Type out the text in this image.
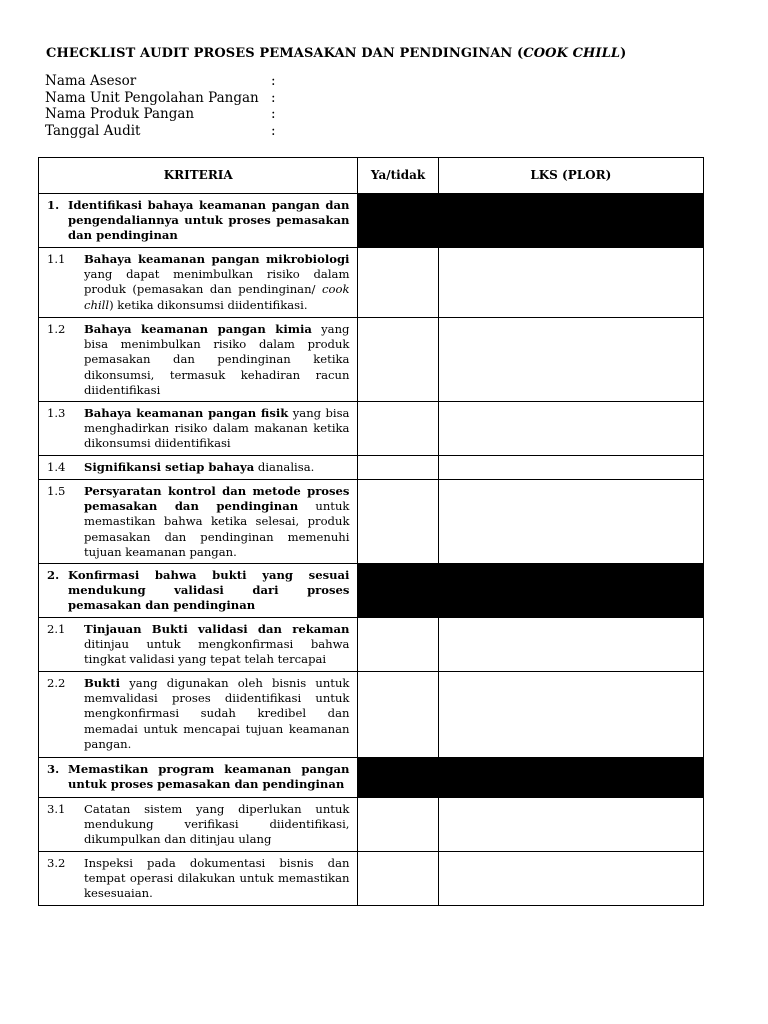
CHECKLIST AUDIT PROSES PEMASAKAN DAN PENDINGINAN (COOK CHILL)
Nama Asesor	:
Nama Unit Pengolahan Pangan :
Nama Produk Pangan	:
Tanggal Audit	:
KRITERIA	Ya/tidak	LKS (PLOR)

1. Identifikasi bahaya keamanan pangan dan pengendaliannya untuk proses pemasakan dan pendinginan		

1.1 Bahaya keamanan pangan mikrobiologi yang dapat menimbulkan risiko dalam produk (pemasakan dan pendinginan/ cook chill) ketika dikonsumsi diidentifikasi.		

1.2 Bahaya keamanan pangan kimia yang bisa menimbulkan risiko dalam produk pemasakan dan pendinginan ketika dikonsumsi, termasuk kehadiran racun diidentifikasi		

1.3 Bahaya keamanan pangan fisik yang bisa menghadirkan risiko dalam makanan ketika dikonsumsi diidentifikasi		

1.4 Signifikansi setiap bahaya dianalisa.		

1.5 Persyaratan kontrol dan metode proses pemasakan dan pendinginan untuk memastikan bahwa ketika selesai, produk pemasakan dan pendinginan memenuhi tujuan keamanan pangan.		

2. Konfirmasi bahwa bukti yang sesuai mendukung validasi dari proses pemasakan dan pendinginan		

2.1 Tinjauan Bukti validasi dan rekaman ditinjau untuk mengkonfirmasi bahwa tingkat validasi yang tepat telah tercapai		

2.2 Bukti yang digunakan oleh bisnis untuk memvalidasi proses diidentifikasi untuk mengkonfirmasi sudah kredibel dan memadai untuk mencapai tujuan keamanan pangan.		

3. Memastikan program keamanan pangan untuk proses pemasakan dan pendinginan		

3.1 Catatan sistem yang diperlukan untuk mendukung verifikasi diidentifikasi, dikumpulkan dan ditinjau ulang		

3.2 Inspeksi pada dokumentasi bisnis dan tempat operasi dilakukan untuk memastikan kesesuaian.		
